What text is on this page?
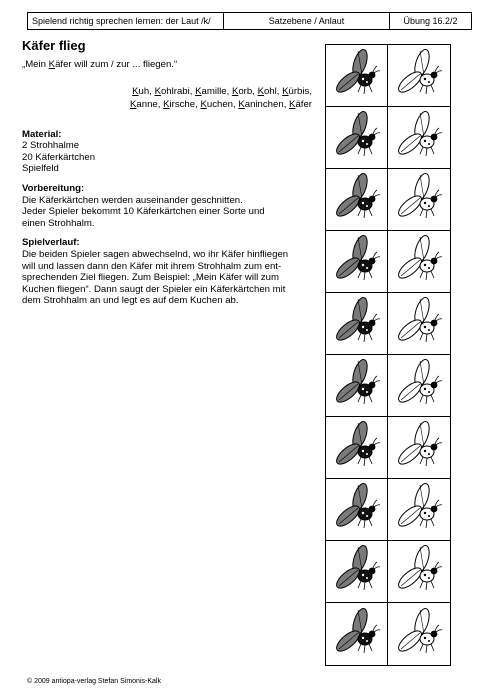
Spielend richtig sprechen lernen: der Laut /k/	Satzebene / Anlaut	Übung 16.2/2
Käfer flieg
„Mein Käfer will zum / zur ... fliegen.“
Kuh, Kohlrabi, Kamille, Korb, Kohl, Kürbis,
Kanne, Kirsche, Kuchen, Kaninchen, Käfer

Material:

2 Strohhalme

20 Käferkärtchen

Spielfeld

Vorbereitung:

Die Käferkärtchen werden auseinander geschnitten.

Jeder Spieler bekommt 10 Käferkärtchen einer Sorte und

einen Strohhalm.

Spielverlauf:

Die beiden Spieler sagen abwechselnd, wo ihr Käfer hinfliegen

will und lassen dann den Käfer mit ihrem Strohhalm zum ent-

sprechenden Ziel fliegen. Zum Beispiel: „Mein Käfer will zum

Kuchen fliegen“. Dann saugt der Spieler ein Käferkärtchen mit

dem Strohhalm an und legt es auf dem Kuchen ab.

© 2009 antiopa-verlag Stefan Simonis-Kalk
